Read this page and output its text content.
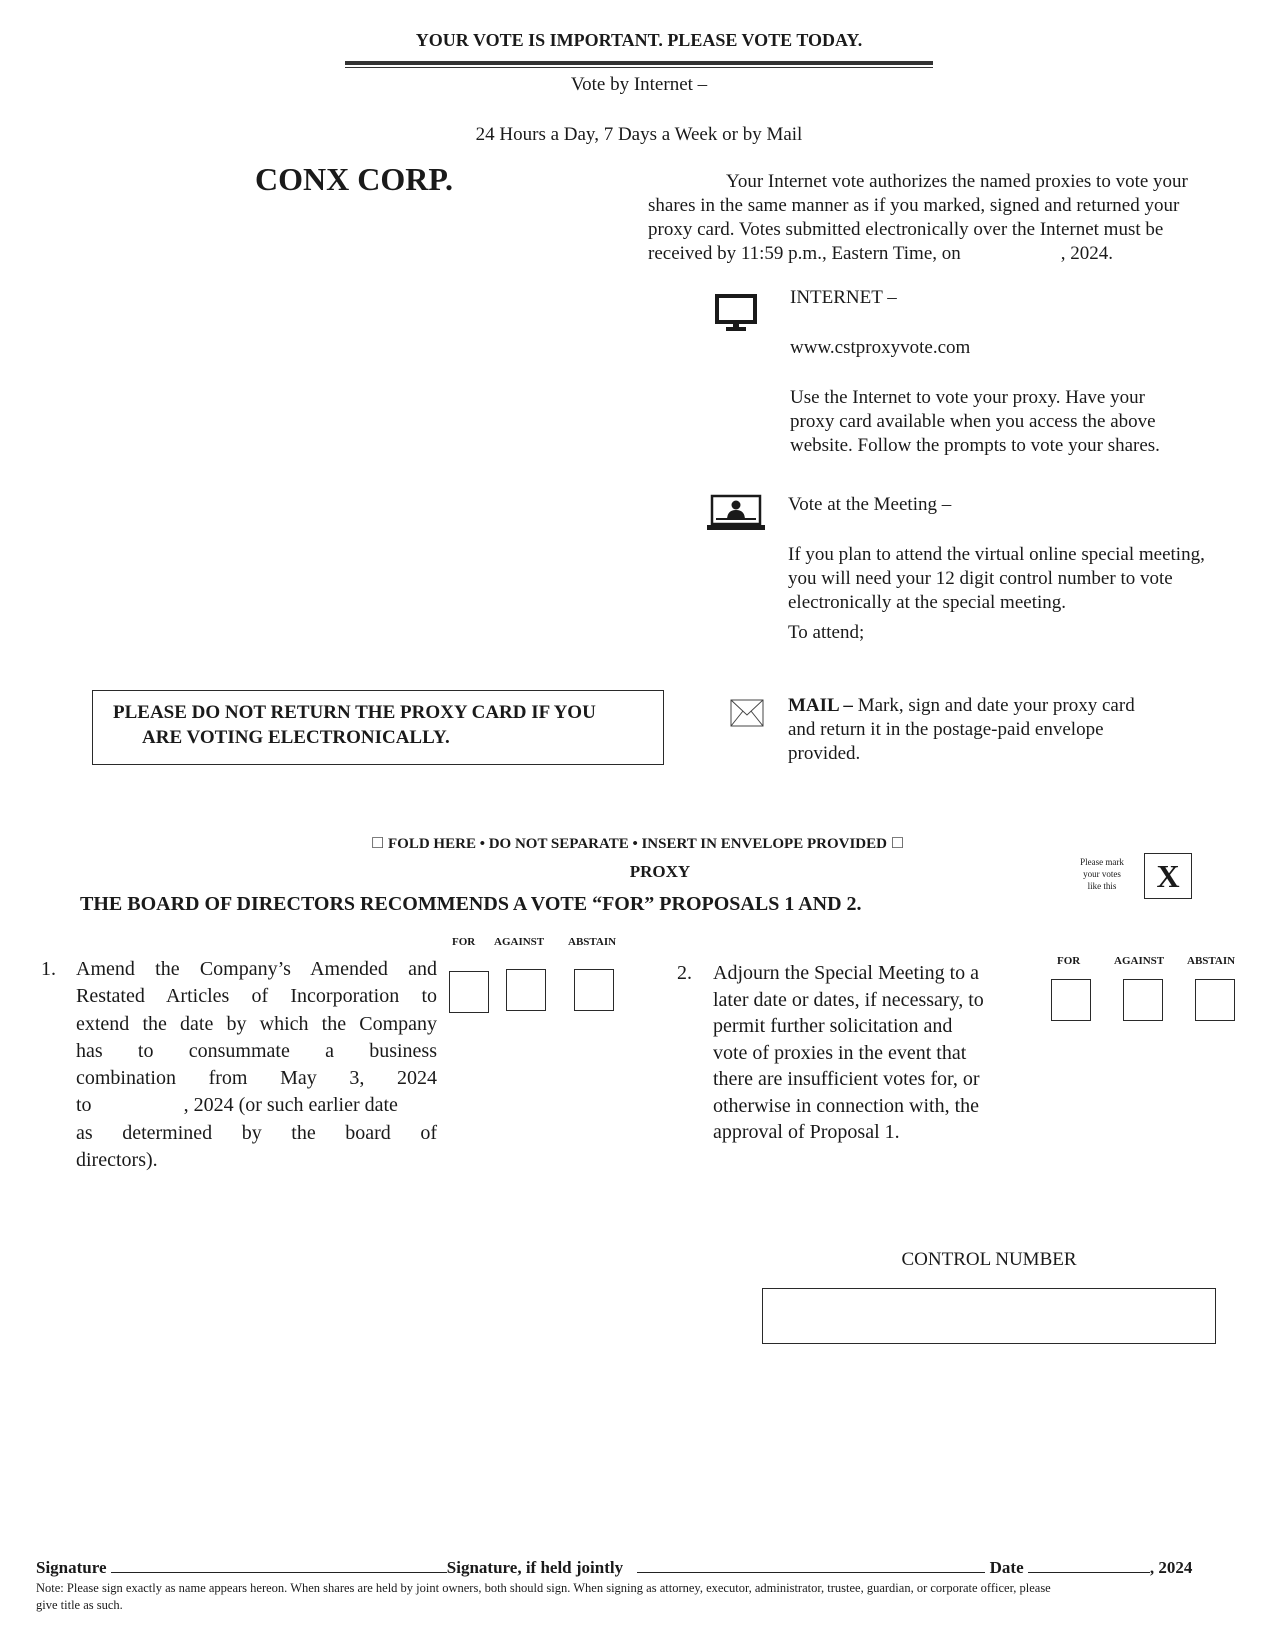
YOUR VOTE IS IMPORTANT. PLEASE VOTE TODAY.
Vote by Internet –
24 Hours a Day, 7 Days a Week or by Mail
CONX CORP.	Your Internet vote authorizes the named proxies to vote your
shares in the same manner as if you marked, signed and returned your
proxy card. Votes submitted electronically over the Internet must be
received by 11:59 p.m., Eastern Time, on	, 2024.
INTERNET –
www.cstproxyvote.com
Use the Internet to vote your proxy. Have your
proxy card available when you access the above
website. Follow the prompts to vote your shares.
Vote at the Meeting –
If you plan to attend the virtual online special meeting,
you will need your 12 digit control number to vote
electronically at the special meeting.
To attend;
PLEASE DO NOT RETURN THE PROXY CARD IF YOU
ARE VOTING ELECTRONICALLY.
MAIL – Mark, sign and date your proxy card
and return it in the postage-paid envelope
provided.
☐ FOLD HERE • DO NOT SEPARATE • INSERT IN ENVELOPE PROVIDED ☐
PROXY
THE BOARD OF DIRECTORS RECOMMENDS A VOTE “FOR” PROPOSALS 1 AND 2.
Please mark
your votes
like this	X
1. Amend the Company’s Amended and
Restated Articles of Incorporation to
extend the date by which the Company
has to consummate a business
combination from May 3, 2024
to	, 2024 (or such earlier date
as determined by the board of
directors).
FOR AGAINST ABSTAIN
2. Adjourn the Special Meeting to a
later date or dates, if necessary, to
permit further solicitation and
vote of proxies in the event that
there are insufficient votes for, or
otherwise in connection with, the
approval of Proposal 1.
FOR	AGAINST ABSTAIN
CONTROL NUMBER
Signature	Signature, if held jointly	Date	, 2024
Note: Please sign exactly as name appears hereon. When shares are held by joint owners, both should sign. When signing as attorney, executor, administrator, trustee, guardian, or corporate officer, please
give title as such.
